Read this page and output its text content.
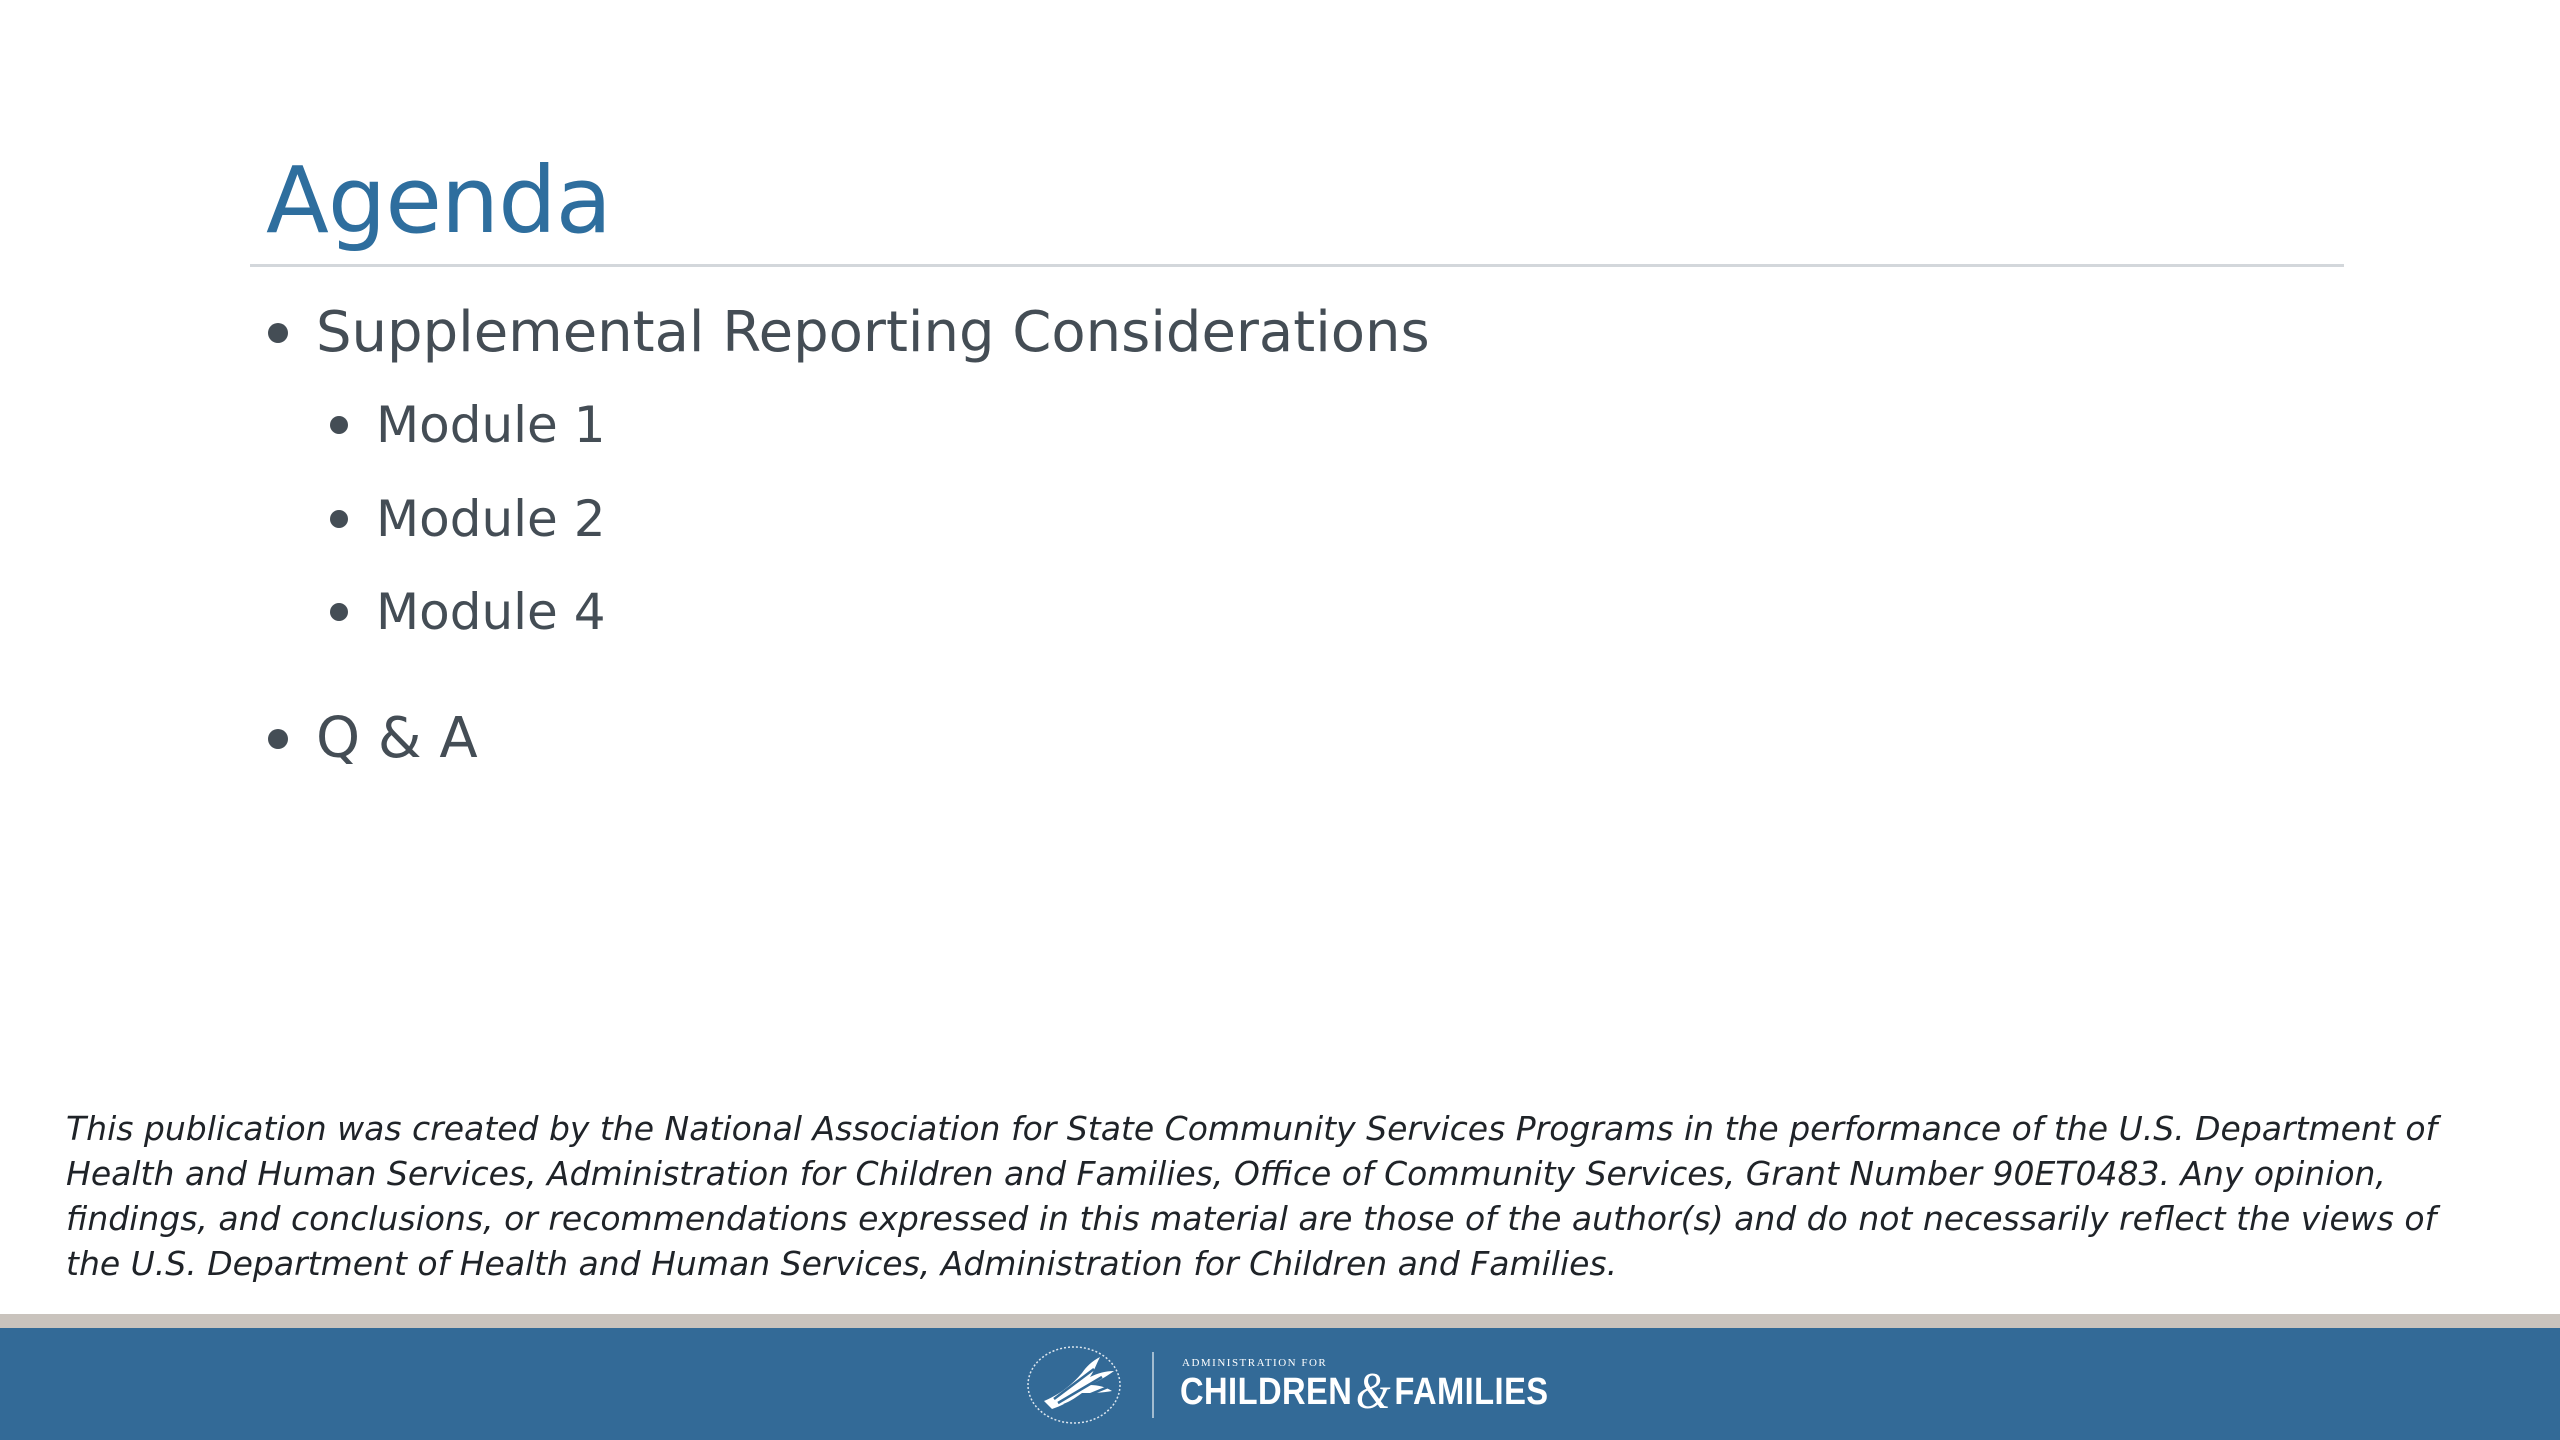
Agenda
Supplemental Reporting Considerations
Module 1
Module 2
Module 4
Q & A

This publication was created by the National Association for State Community Services Programs in the performance of the U.S. Department of Health and Human Services, Administration for Children and Families, Office of Community Services, Grant Number 90ET0483. Any opinion, findings, and conclusions, or recommendations expressed in this material are those of the author(s) and do not necessarily reflect the views of the U.S. Department of Health and Human Services, Administration for Children and Families.

ADMINISTRATION FOR
CHILDREN & FAMILIES
